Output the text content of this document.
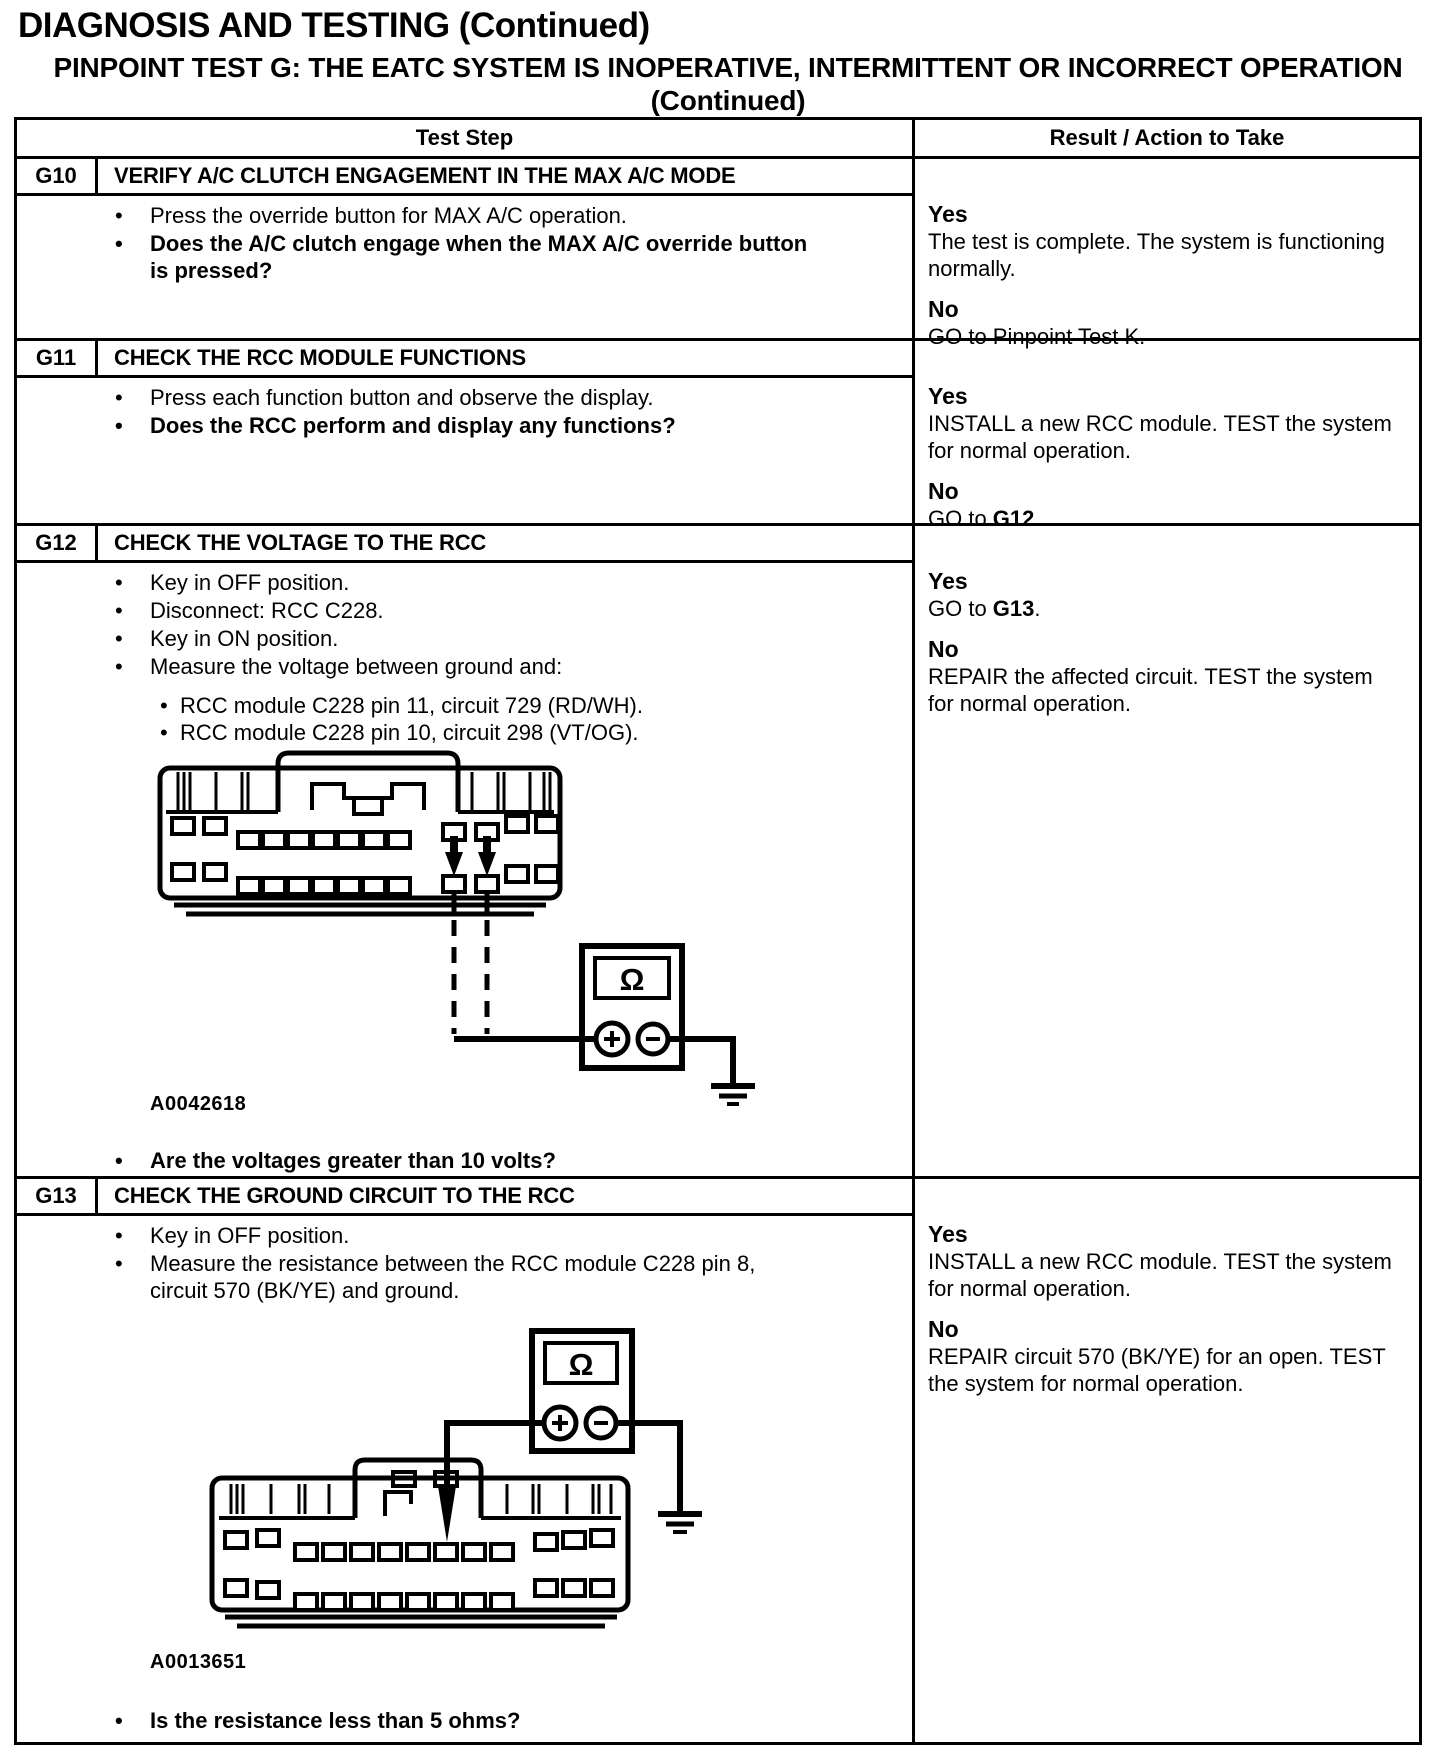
DIAGNOSIS AND TESTING (Continued)
PINPOINT TEST G: THE EATC SYSTEM IS INOPERATIVE, INTERMITTENT OR INCORRECT OPERATION
(Continued)
Test Step	Result / Action to Take
G10	VERIFY A/C CLUTCH ENGAGEMENT IN THE MAX A/C MODE
• Press the override button for MAX A/C operation.
• Does the A/C clutch engage when the MAX A/C override button is pressed?

Yes

The test is complete. The system is functioning normally.

No

GO to Pinpoint Test K.

G11	CHECK THE RCC MODULE FUNCTIONS
• Press each function button and observe the display.
• Does the RCC perform and display any functions?

Yes

INSTALL a new RCC module. TEST the system for normal operation.

No

GO to G12.

G12	CHECK THE VOLTAGE TO THE RCC
• Key in OFF position.
• Disconnect: RCC C228.
• Key in ON position.
• Measure the voltage between ground and:
• RCC module C228 pin 11, circuit 729 (RD/WH).
• RCC module C228 pin 10, circuit 298 (VT/OG).
Ω
A0042618
• Are the voltages greater than 10 volts?

Yes

GO to G13.

No

REPAIR the affected circuit. TEST the system for normal operation.

G13	CHECK THE GROUND CIRCUIT TO THE RCC
• Key in OFF position.
• Measure the resistance between the RCC module C228 pin 8, circuit 570 (BK/YE) and ground.
Ω
A0013651
• Is the resistance less than 5 ohms?

Yes

INSTALL a new RCC module. TEST the system for normal operation.

No

REPAIR circuit 570 (BK/YE) for an open. TEST the system for normal operation.
